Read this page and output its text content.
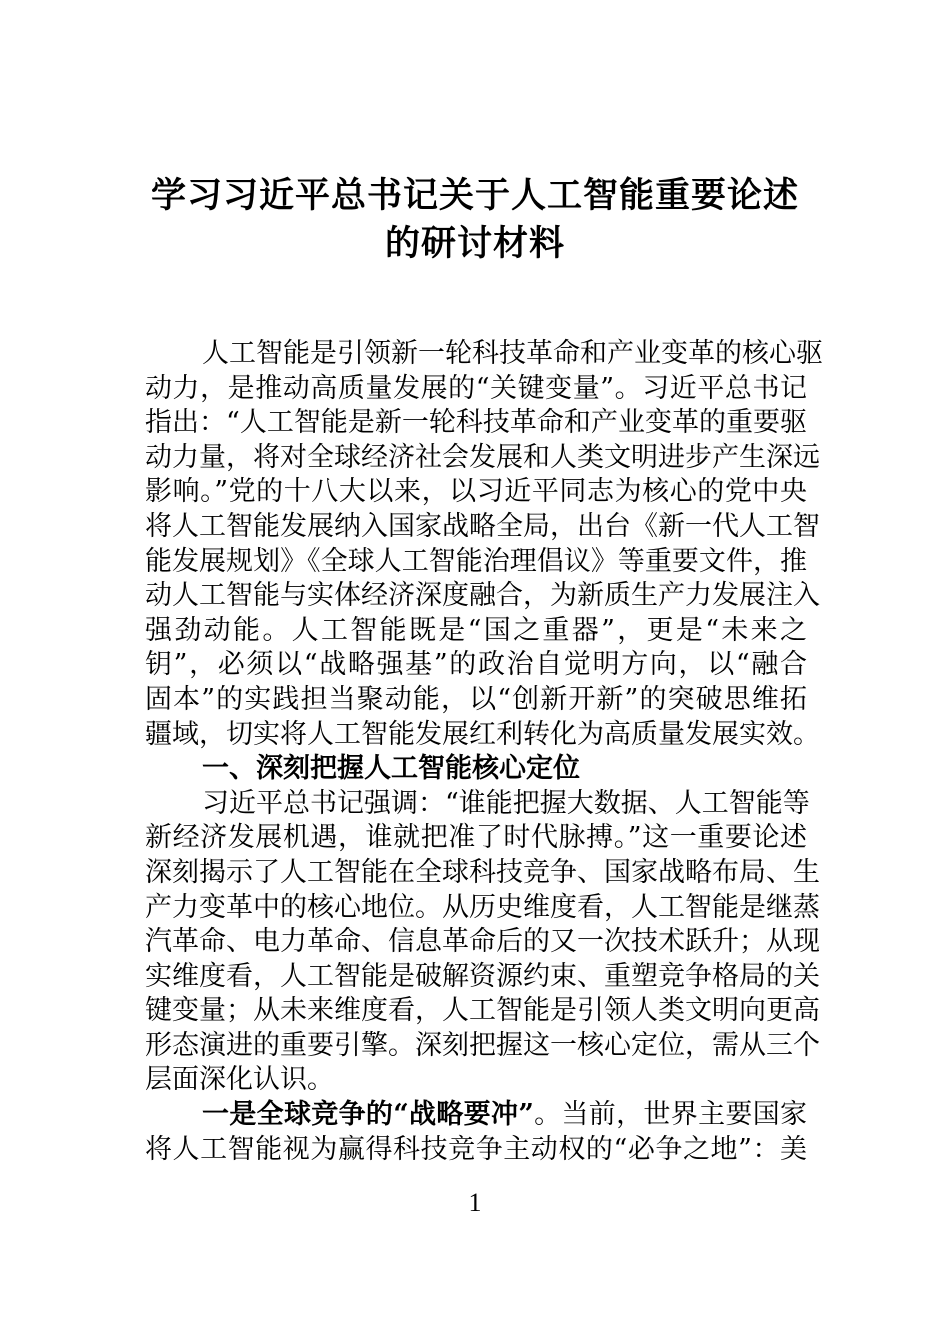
学习习近平总书记关于人工智能重要论述
的研讨材料
人工智能是引领新一轮科技革命和产业变革的核心驱
动力，是推动高质量发展的“关键变量”。习近平总书记
指出：“人工智能是新一轮科技革命和产业变革的重要驱
动力量，将对全球经济社会发展和人类文明进步产生深远
影响。”党的十八大以来，以习近平同志为核心的党中央
将人工智能发展纳入国家战略全局，出台《新一代人工智
能发展规划》《全球人工智能治理倡议》等重要文件，推
动人工智能与实体经济深度融合，为新质生产力发展注入
强劲动能。人工智能既是“国之重器”，更是“未来之
钥”，必须以“战略强基”的政治自觉明方向，以“融合
固本”的实践担当聚动能，以“创新开新”的突破思维拓
疆域，切实将人工智能发展红利转化为高质量发展实效。
一、深刻把握人工智能核心定位
习近平总书记强调：“谁能把握大数据、人工智能等
新经济发展机遇，谁就把准了时代脉搏。”这一重要论述
深刻揭示了人工智能在全球科技竞争、国家战略布局、生
产力变革中的核心地位。从历史维度看，人工智能是继蒸
汽革命、电力革命、信息革命后的又一次技术跃升；从现
实维度看，人工智能是破解资源约束、重塑竞争格局的关
键变量；从未来维度看，人工智能是引领人类文明向更高
形态演进的重要引擎。深刻把握这一核心定位，需从三个
层面深化认识。
一是全球竞争的“战略要冲”。当前，世界主要国家
将人工智能视为赢得科技竞争主动权的“必争之地”：美
1
